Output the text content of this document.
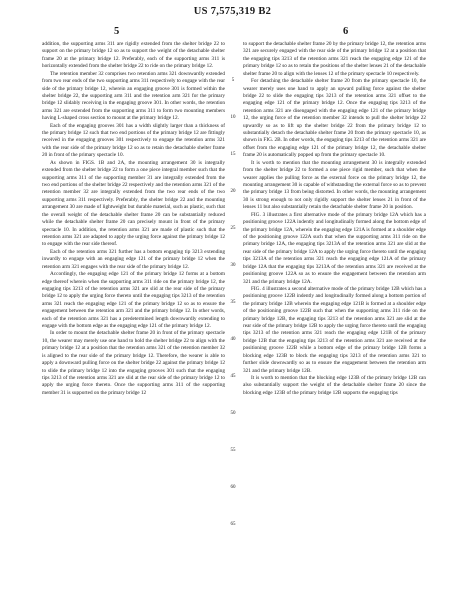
US 7,575,319 B2
5	6

addition, the supporting arms 311 are rigidly extended from the shelter bridge 22 to support on the primary bridge 12 so as to support the weight of the detachable shelter frame 20 at the primary bridge 12. Preferably, each of the supporting arms 311 is horizontally extended from the shelter bridge 22 to ride on the primary bridge 12.

The retention member 32 comprises two retention arms 321 downwardly extended from two rear ends of the two supporting arms 311 respectively to engage with the rear side of the primary bridge 12, wherein an engaging groove 301 is formed within the shelter bridge 22, the supporting arm 311 and the retention arm 321 for the primary bridge 12 slidably receiving in the engaging groove 301. In other words, the retention arms 321 are extended from the supporting arms 311 to form two mounting members having L-shaped cross section to mount at the primary bridge 12.

Each of the engaging grooves 301 has a width slightly larger than a thickness of the primary bridge 12 such that two end portions of the primary bridge 12 are fittingly received in the engaging grooves 301 respectively to engage the retention arms 321 with the rear side of the primary bridge 12 so as to retain the detachable shelter frame 20 in front of the primary spectacle 10.

As shown in FIGS. 1B and 2A, the mounting arrangement 30 is integrally extended from the shelter bridge 22 to form a one piece integral member such that the supporting arms 311 of the supporting member 31 are integrally extended from the two end portions of the shelter bridge 22 respectively and the retention arms 321 of the retention member 32 are integrally extended from the two rear ends of the two supporting arms 311 respectively. Preferably, the shelter bridge 22 and the mounting arrangement 30 are made of lightweight but durable material, such as plastic, such that the overall weight of the detachable shelter frame 20 can be substantially reduced while the detachable shelter frame 20 can precisely mount in front of the primary spectacle 10. In addition, the retention arms 321 are made of plastic such that the retention arms 321 are adapted to apply the urging force against the primary bridge 12 to engage with the rear side thereof.

Each of the retention arms 321 further has a bottom engaging tip 3213 extending inwardly to engage with an engaging edge 121 of the primary bridge 12 when the retention arm 321 engages with the rear side of the primary bridge 12.

Accordingly, the engaging edge 121 of the primary bridge 12 forms at a bottom edge thereof wherein when the supporting arms 311 ride on the primary bridge 12, the engaging tips 3213 of the retention arms 321 are slid at the rear side of the primary bridge 12 to apply the urging force thereto until the engaging tips 3213 of the retention arms 321 reach the engaging edge 121 of the primary bridge 12 so as to ensure the engagement between the retention arm 321 and the primary bridge 12. In other words, each of the retention arms 321 has a predetermined length downwardly extending to engage with the bottom edge as the engaging edge 121 of the primary bridge 12.

In order to mount the detachable shelter frame 20 in front of the primary spectacle 10, the wearer may merely use one hand to hold the shelter bridge 22 to align with the primary bridge 12 at a position that the retention arms 321 of the retention member 32 is aligned to the rear side of the primary bridge 12. Therefore, the wearer is able to apply a downward pulling force on the shelter bridge 22 against the primary bridge 12 to slide the primary bridge 12 into the engaging grooves 301 such that the engaging tips 3213 of the retention arms 321 are slid at the rear side of the primary bridge 12 to apply the urging force thereto. Once the supporting arms 311 of the supporting member 31 is supported on the primary bridge 12

5
10
15
20
25
30
35
40
45
50
55
60
65

to support the detachable shelter frame 20 by the primary bridge 12, the retention arms 321 are securely engaged with the rear side of the primary bridge 12 at a position that the engaging tips 3213 of the retention arms 321 reach the engaging edge 121 of the primary bridge 12 so as to retain the positions of the shelter lenses 21 of the detachable shelter frame 20 to align with the lenses 12 of the primary spectacle 10 respectively.

For detaching the detachable shelter frame 20 from the primary spectacle 10, the wearer merely uses one hand to apply an upward pulling force against the shelter bridge 22 to slide the engaging tips 3213 of the retention arms 321 offset to the engaging edge 121 of the primary bridge 12. Once the engaging tips 3213 of the retention arms 321 are disengaged with the engaging edge 121 of the primary bridge 12, the urging force of the retention member 32 intends to pull the shelter bridge 22 upwardly so as to lift up the shelter bridge 22 from the primary bridge 12 to substantially detach the detachable shelter frame 20 from the primary spectacle 10, as shown in FIG. 2B. In other words, the engaging tips 3213 of the retention arms 321 are offset from the engaging edge 121 of the primary bridge 12, the detachable shelter frame 20 is automatically popped up from the primary spectacle 10.

It is worth to mention that the mounting arrangement 30 is integrally extended from the shelter bridge 22 to formed a one piece rigid member, such that when the wearer applies the pulling force as the external force on the primary bridge 12, the mounting arrangement 30 is capable of withstanding the external force so as to prevent the primary bridge 13 from being distorted. In other words, the mounting arrangement 30 is strong enough to not only rigidly support the shelter lenses 21 in front of the lenses 11 but also substantially retain the detachable shelter frame 20 in position.

FIG. 3 illustrates a first alternative mode of the primary bridge 12A which has a positioning groove 122A indently and longitudinally formed along the bottom edge of the primary bridge 12A, wherein the engaging edge 121A is formed at a shoulder edge of the positioning groove 122A such that when the supporting arms 311 ride on the primary bridge 12A, the engaging tips 3213A of the retention arms 321 are slid at the rear side of the primary bridge 12A to apply the urging force thereto until the engaging tips 3213A of the retention arms 321 reach the engaging edge 121A of the primary bridge 12A that the engaging tips 3213A of the retention arms 321 are received at the positioning groove 122A so as to ensure the engagement between the retention arm 321 and the primary bridge 12A.

FIG. 4 illustrates a second alternative mode of the primary bridge 12B which has a positioning groove 122B indently and longitudinally formed along a bottom portion of the primary bridge 12B wherein the engaging edge 121B is formed at a shoulder edge of the positioning groove 122B such that when the supporting arms 311 ride on the primary bridge 12B, the engaging tips 3213 of the retention arms 321 are slid at the rear side of the primary bridge 12B to apply the urging force thereto until the engaging tips 3213 of the retention arms 321 reach the engaging edge 121B of the primary bridge 12B that the engaging tips 3213 of the retention arms 321 are received at the positioning groove 122B while a bottom edge of the primary bridge 12B forms a blocking edge 123B to block the engaging tips 3213 of the retention arms 321 to further slide downwardly so as to ensure the engagement between the retention arm 321 and the primary bridge 12B.

It is worth to mention that the blocking edge 123B of the primary bridge 12B can also substantially support the weight of the detachable shelter frame 20 since the blocking edge 123B of the primary bridge 12B supports the engaging tips
